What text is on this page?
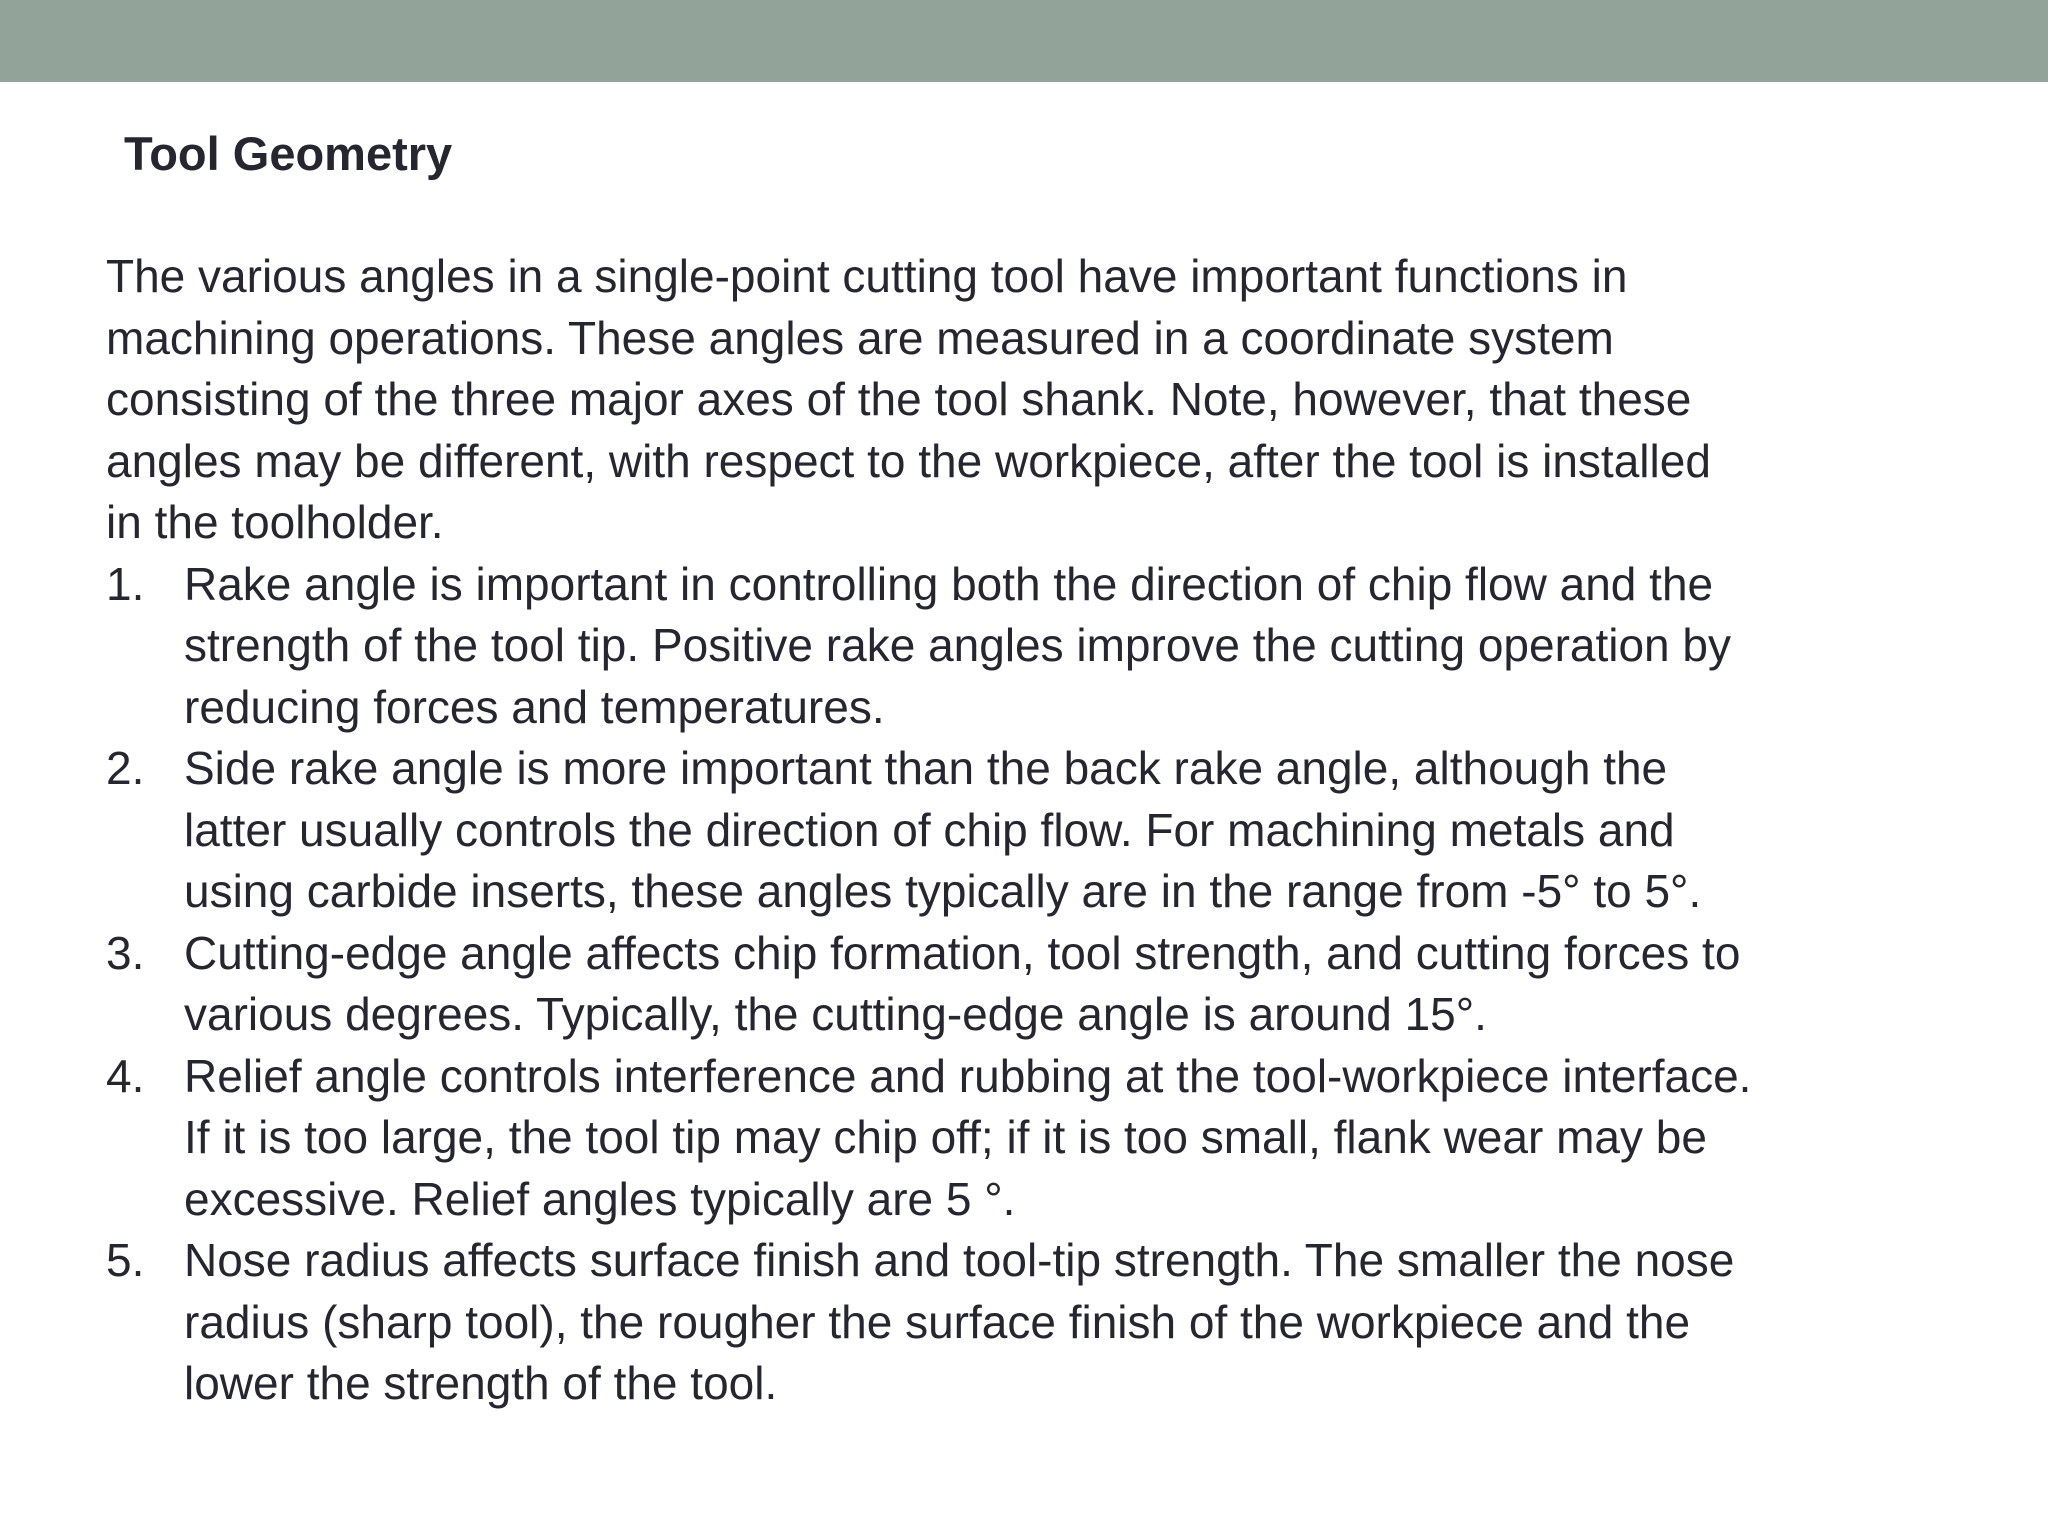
Tool Geometry

The various angles in a single-point cutting tool have important functions in
machining operations. These angles are measured in a coordinate system
consisting of the three major axes of the tool shank. Note, however, that these
angles may be different, with respect to the workpiece, after the tool is installed
in the toolholder.

1. Rake angle is important in controlling both the direction of chip flow and the
strength of the tool tip. Positive rake angles improve the cutting operation by
reducing forces and temperatures.
2. Side rake angle is more important than the back rake angle, although the
latter usually controls the direction of chip flow. For machining metals and
using carbide inserts, these angles typically are in the range from -5° to 5°.
3. Cutting-edge angle affects chip formation, tool strength, and cutting forces to
various degrees. Typically, the cutting-edge angle is around 15°.
4. Relief angle controls interference and rubbing at the tool-workpiece interface.
If it is too large, the tool tip may chip off; if it is too small, flank wear may be
excessive. Relief angles typically are 5 °.
5. Nose radius affects surface finish and tool-tip strength. The smaller the nose
radius (sharp tool), the rougher the surface finish of the workpiece and the
lower the strength of the tool.
